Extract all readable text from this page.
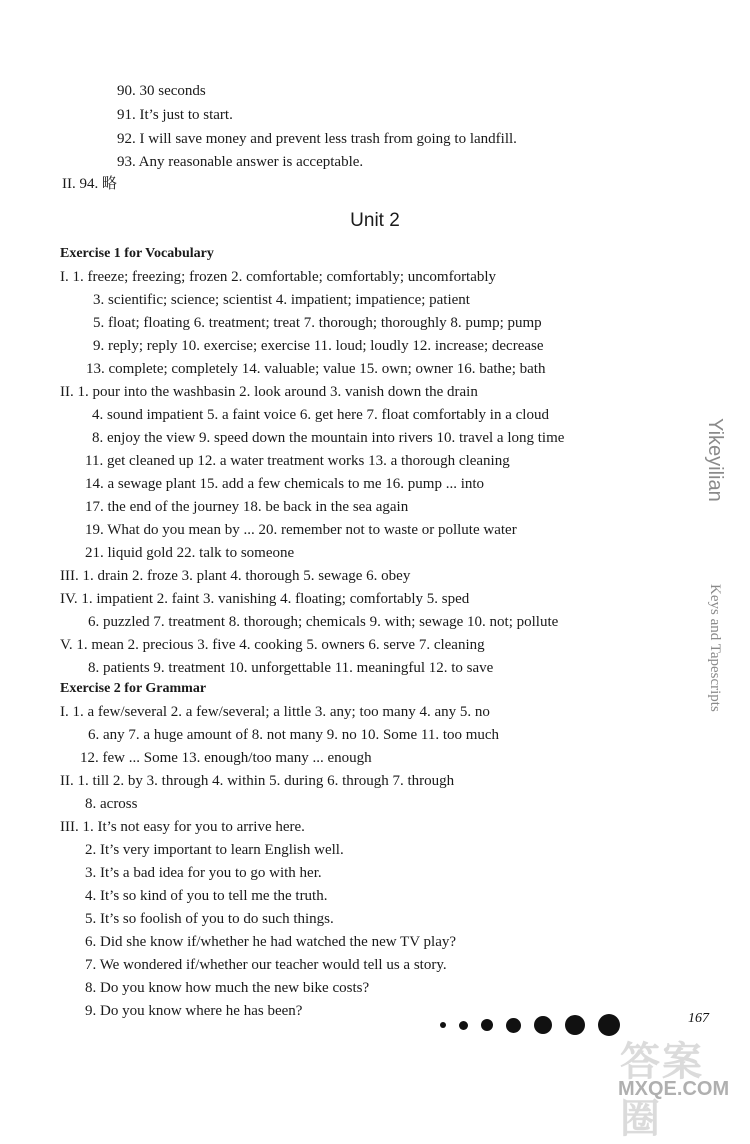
90. 30 seconds
91. It’s just to start.
92. I will save money and prevent less trash from going to landfill.
93. Any reasonable answer is acceptable.
II. 94. 略
Unit 2
Exercise 1 for Vocabulary
I. 1. freeze; freezing; frozen 2. comfortable; comfortably; uncomfortably
3. scientific; science; scientist 4. impatient; impatience; patient
5. float; floating 6. treatment; treat 7. thorough; thoroughly 8. pump; pump
9. reply; reply 10. exercise; exercise 11. loud; loudly 12. increase; decrease
13. complete; completely 14. valuable; value 15. own; owner 16. bathe; bath
II. 1. pour into the washbasin 2. look around 3. vanish down the drain
4. sound impatient 5. a faint voice 6. get here 7. float comfortably in a cloud
8. enjoy the view 9. speed down the mountain into rivers 10. travel a long time
11. get cleaned up 12. a water treatment works 13. a thorough cleaning
14. a sewage plant 15. add a few chemicals to me 16. pump ... into
17. the end of the journey 18. be back in the sea again
19. What do you mean by ... 20. remember not to waste or pollute water
21. liquid gold 22. talk to someone
III. 1. drain 2. froze 3. plant 4. thorough 5. sewage 6. obey
IV. 1. impatient 2. faint 3. vanishing 4. floating; comfortably 5. sped
6. puzzled 7. treatment 8. thorough; chemicals 9. with; sewage 10. not; pollute
V. 1. mean 2. precious 3. five 4. cooking 5. owners 6. serve 7. cleaning
8. patients 9. treatment 10. unforgettable 11. meaningful 12. to save
Exercise 2 for Grammar
I. 1. a few/several 2. a few/several; a little 3. any; too many 4. any 5. no
6. any 7. a huge amount of 8. not many 9. no 10. Some 11. too much
12. few ... Some 13. enough/too many ... enough
II. 1. till 2. by 3. through 4. within 5. during 6. through 7. through
8. across
III. 1. It’s not easy for you to arrive here.
2. It’s very important to learn English well.
3. It’s a bad idea for you to go with her.
4. It’s so kind of you to tell me the truth.
5. It’s so foolish of you to do such things.
6. Did she know if/whether he had watched the new TV play?
7. We wondered if/whether our teacher would tell us a story.
8. Do you know how much the new bike costs?
9. Do you know where he has been?
Yikeyilian
Keys and Tapescripts
167
答案圈
MXQE.COM
